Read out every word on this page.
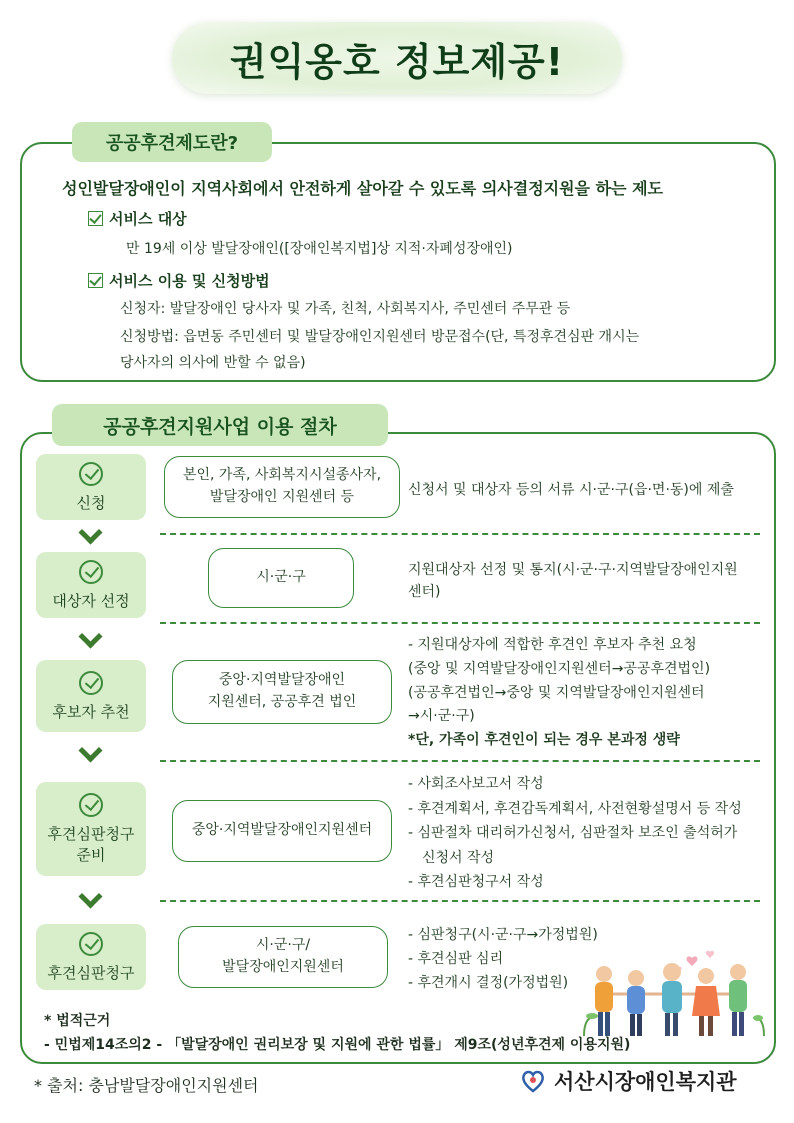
권익옹호 정보제공!
공공후견제도란?
성인발달장애인이 지역사회에서 안전하게 살아갈 수 있도록 의사결정지원을 하는 제도
서비스 대상
만 19세 이상 발달장애인([장애인복지법]상 지적·자폐성장애인)
서비스 이용 및 신청방법
신청자: 발달장애인 당사자 및 가족, 친척, 사회복지사, 주민센터 주무관 등
신청방법: 읍면동 주민센터 및 발달장애인지원센터 방문접수(단, 특정후견심판 개시는
당사자의 의사에 반할 수 없음)
공공후견지원사업 이용 절차
신청
본인, 가족, 사회복지시설종사자,
발달장애인 지원센터 등	신청서 및 대상자 등의 서류 시·군·구(읍·면·동)에 제출
대상자 선정
시·군·구	지원대상자 선정 및 통지(시·군·구·지역발달장애인지원
센터)
후보자 추천
중앙·지역발달장애인
지원센터, 공공후견 법인
- 지원대상자에 적합한 후견인 후보자 추천 요청
(중앙 및 지역발달장애인지원센터→공공후견법인)
(공공후견법인→중앙 및 지역발달장애인지원센터
→시·군·구)
*단, 가족이 후견인이 되는 경우 본과정 생략
후견심판청구
준비
중앙·지역발달장애인지원센터
- 사회조사보고서 작성
- 후견계획서, 후견감독계획서, 사전현황설명서 등 작성
- 심판절차 대리허가신청서, 심판절차 보조인 출석허가
신청서 작성
- 후견심판청구서 작성
후견심판청구
시·군·구/
발달장애인지원센터
- 심판청구(시·군·구→가정법원)
- 후견심판 심리
- 후견개시 결정(가정법원)
* 법적근거
- 민법제14조의2 - 「발달장애인 권리보장 및 지원에 관한 법률」 제9조(성년후견제 이용지원)
* 출처: 충남발달장애인지원센터	서산시장애인복지관
